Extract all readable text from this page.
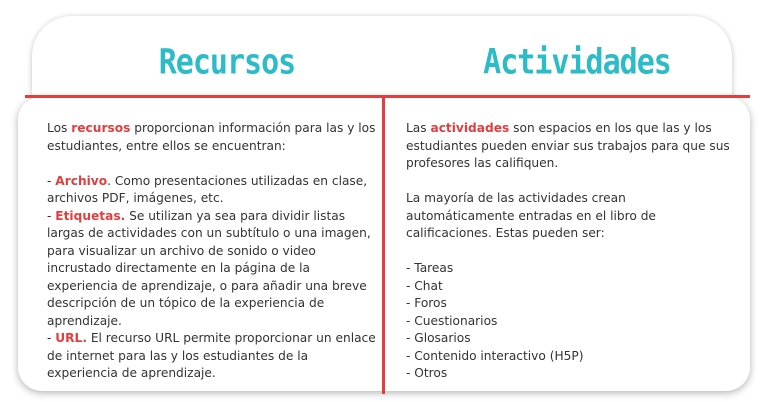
Recursos	Actividades

Los recursos proporcionan información para las y los estudiantes, entre ellos se encuentran:

- Archivo. Como presentaciones utilizadas en clase, archivos PDF, imágenes, etc.

- Etiquetas. Se utilizan ya sea para dividir listas largas de actividades con un subtítulo o una imagen, para visualizar un archivo de sonido o video incrustado directamente en la página de la experiencia de aprendizaje, o para añadir una breve descripción de un tópico de la experiencia de aprendizaje.

- URL. El recurso URL permite proporcionar un enlace de internet para las y los estudiantes de la experiencia de aprendizaje.

Las actividades son espacios en los que las y los estudiantes pueden enviar sus trabajos para que sus profesores las califiquen.

La mayoría de las actividades crean automáticamente entradas en el libro de calificaciones. Estas pueden ser:

- Tareas
- Chat
- Foros
- Cuestionarios
- Glosarios
- Contenido interactivo (H5P)
- Otros
